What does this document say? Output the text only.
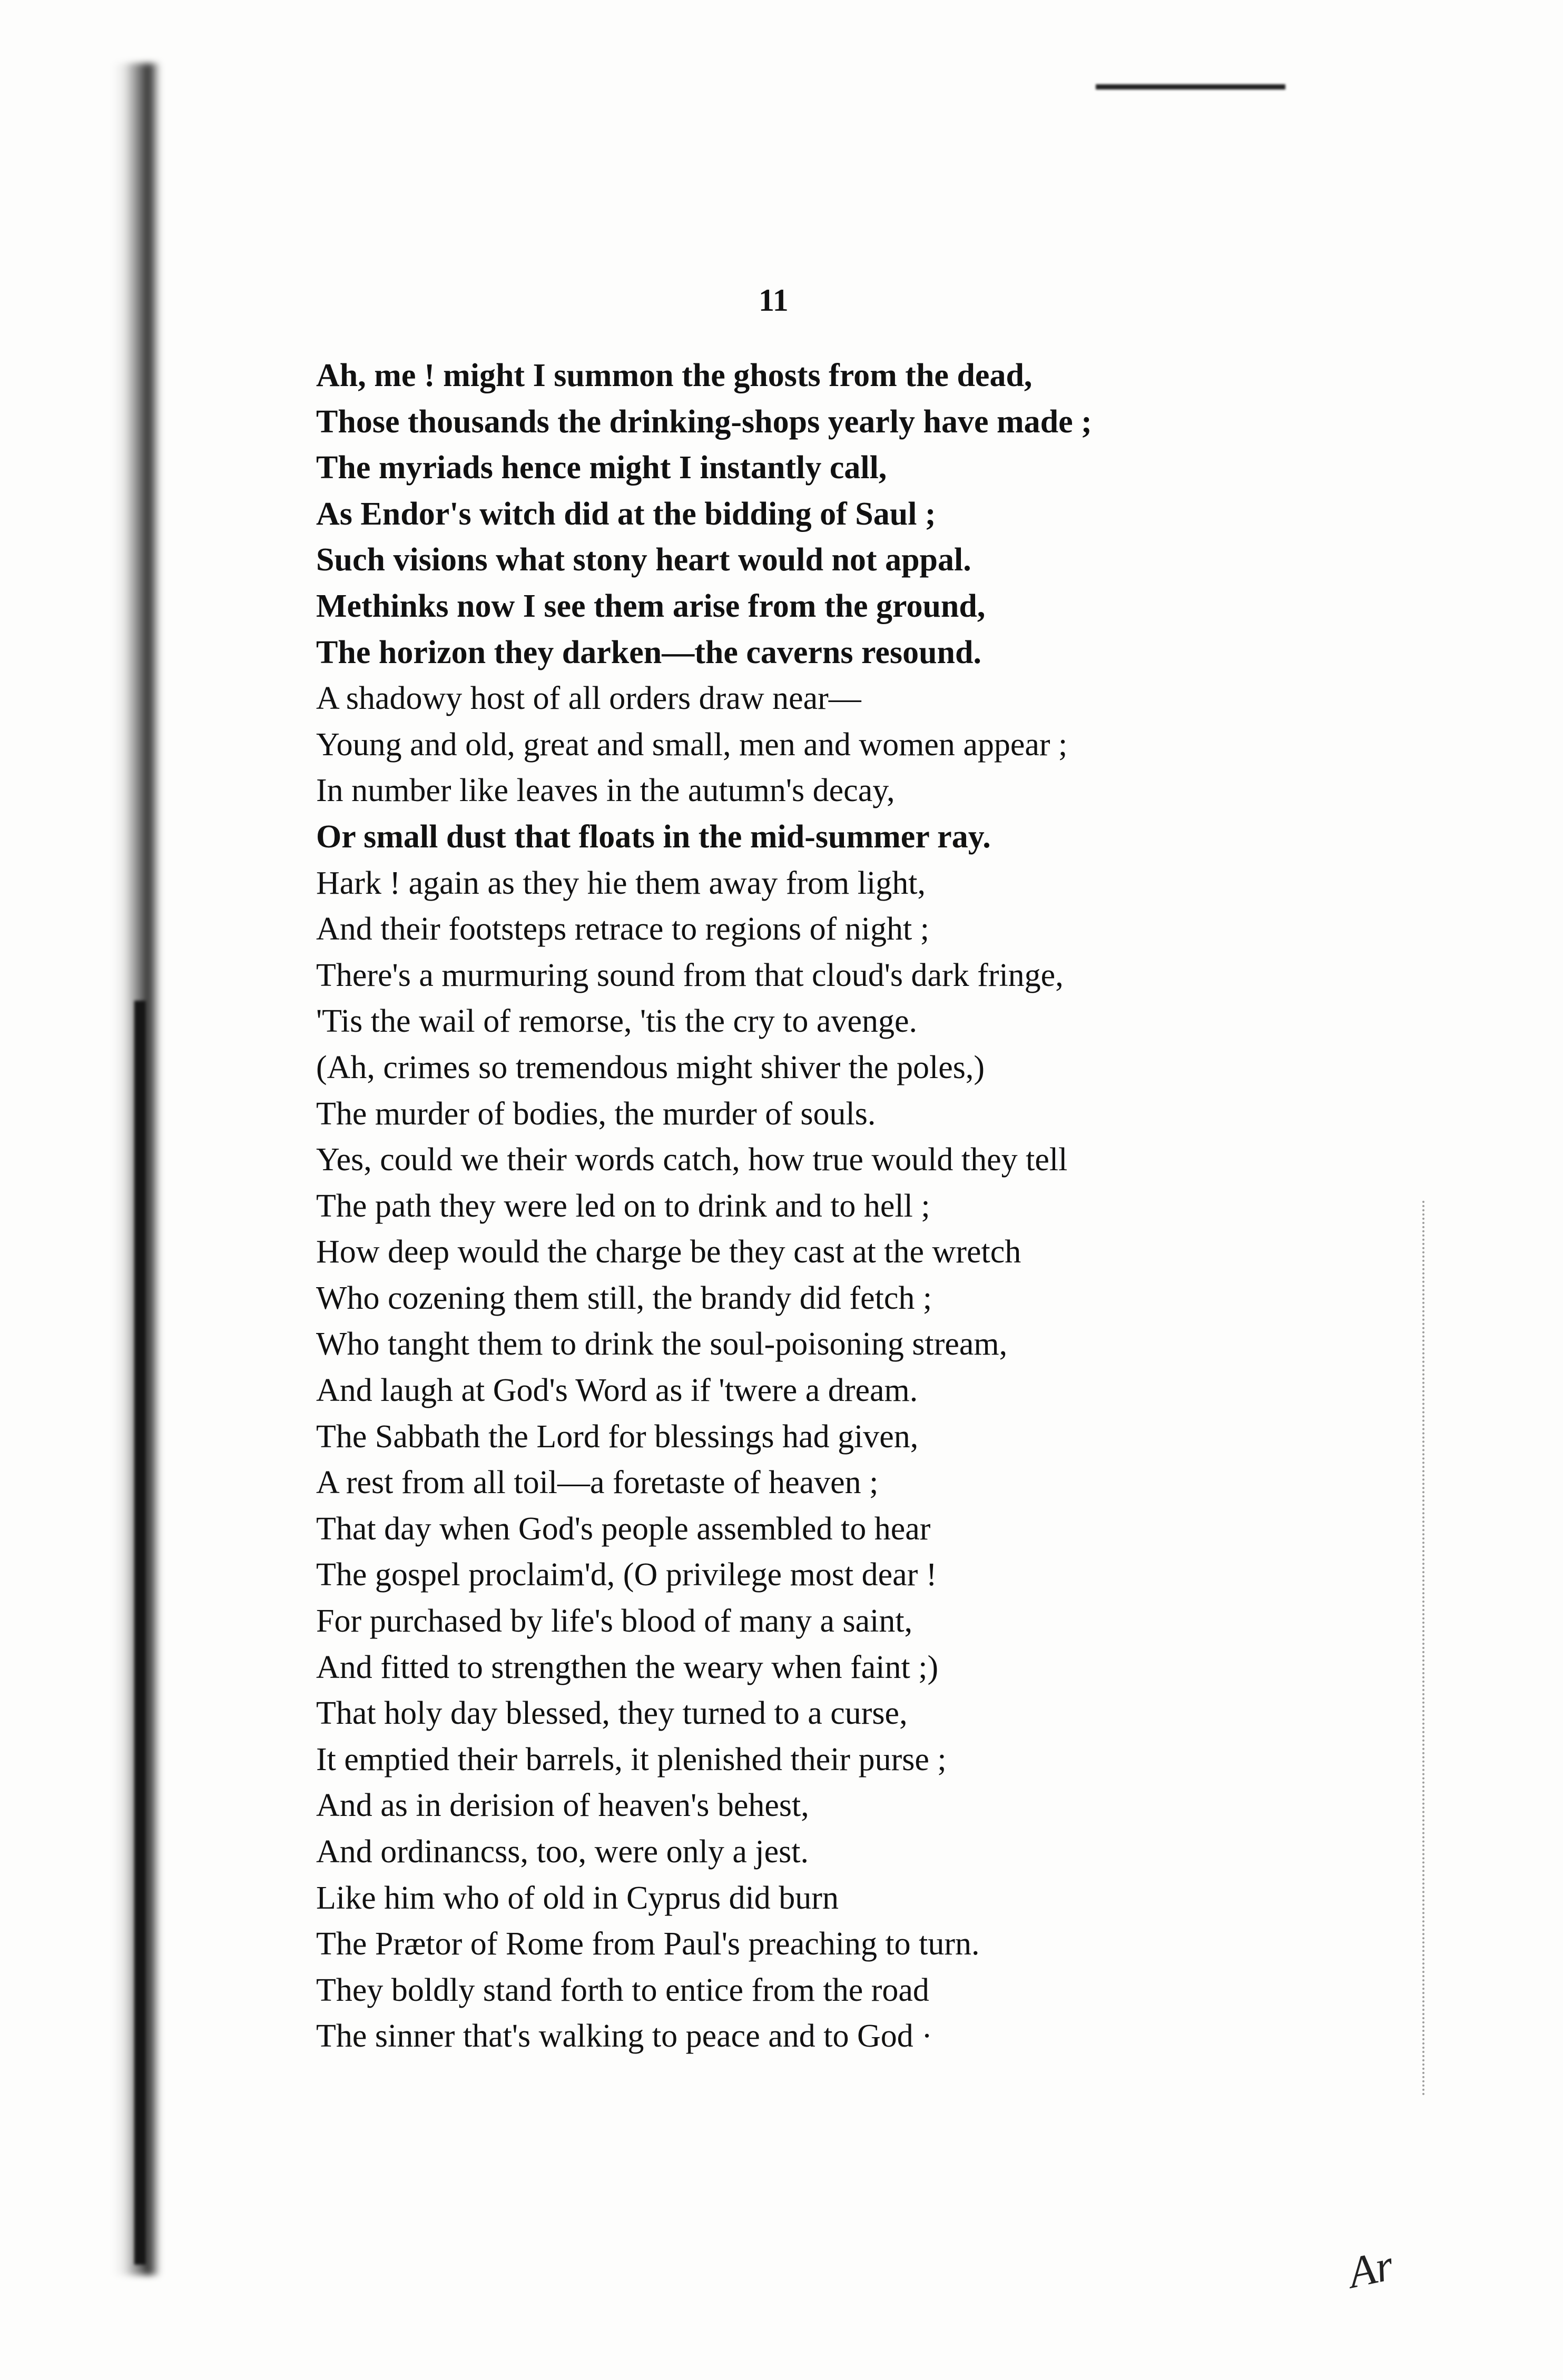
11
Ah, me ! might I summon the ghosts from the dead,
Those thousands the drinking-shops yearly have made ;
The myriads hence might I instantly call,
As Endor's witch did at the bidding of Saul ;
Such visions what stony heart would not appal.
Methinks now I see them arise from the ground,
The horizon they darken—the caverns resound.
A shadowy host of all orders draw near—
Young and old, great and small, men and women appear ;
In number like leaves in the autumn's decay,
Or small dust that floats in the mid-summer ray.
Hark ! again as they hie them away from light,
And their footsteps retrace to regions of night ;
There's a murmuring sound from that cloud's dark fringe,
'Tis the wail of remorse, 'tis the cry to avenge.
(Ah, crimes so tremendous might shiver the poles,)
The murder of bodies, the murder of souls.
Yes, could we their words catch, how true would they tell
The path they were led on to drink and to hell ;
How deep would the charge be they cast at the wretch
Who cozening them still, the brandy did fetch ;
Who tanght them to drink the soul-poisoning stream,
And laugh at God's Word as if 'twere a dream.
The Sabbath the Lord for blessings had given,
A rest from all toil—a foretaste of heaven ;
That day when God's people assembled to hear
The gospel proclaim'd, (O privilege most dear !
For purchased by life's blood of many a saint,
And fitted to strengthen the weary when faint ;)
That holy day blessed, they turned to a curse,
It emptied their barrels, it plenished their purse ;
And as in derision of heaven's behest,
And ordinancss, too, were only a jest.
Like him who of old in Cyprus did burn
The Prætor of Rome from Paul's preaching to turn.
They boldly stand forth to entice from the road
The sinner that's walking to peace and to God ·
Ar
